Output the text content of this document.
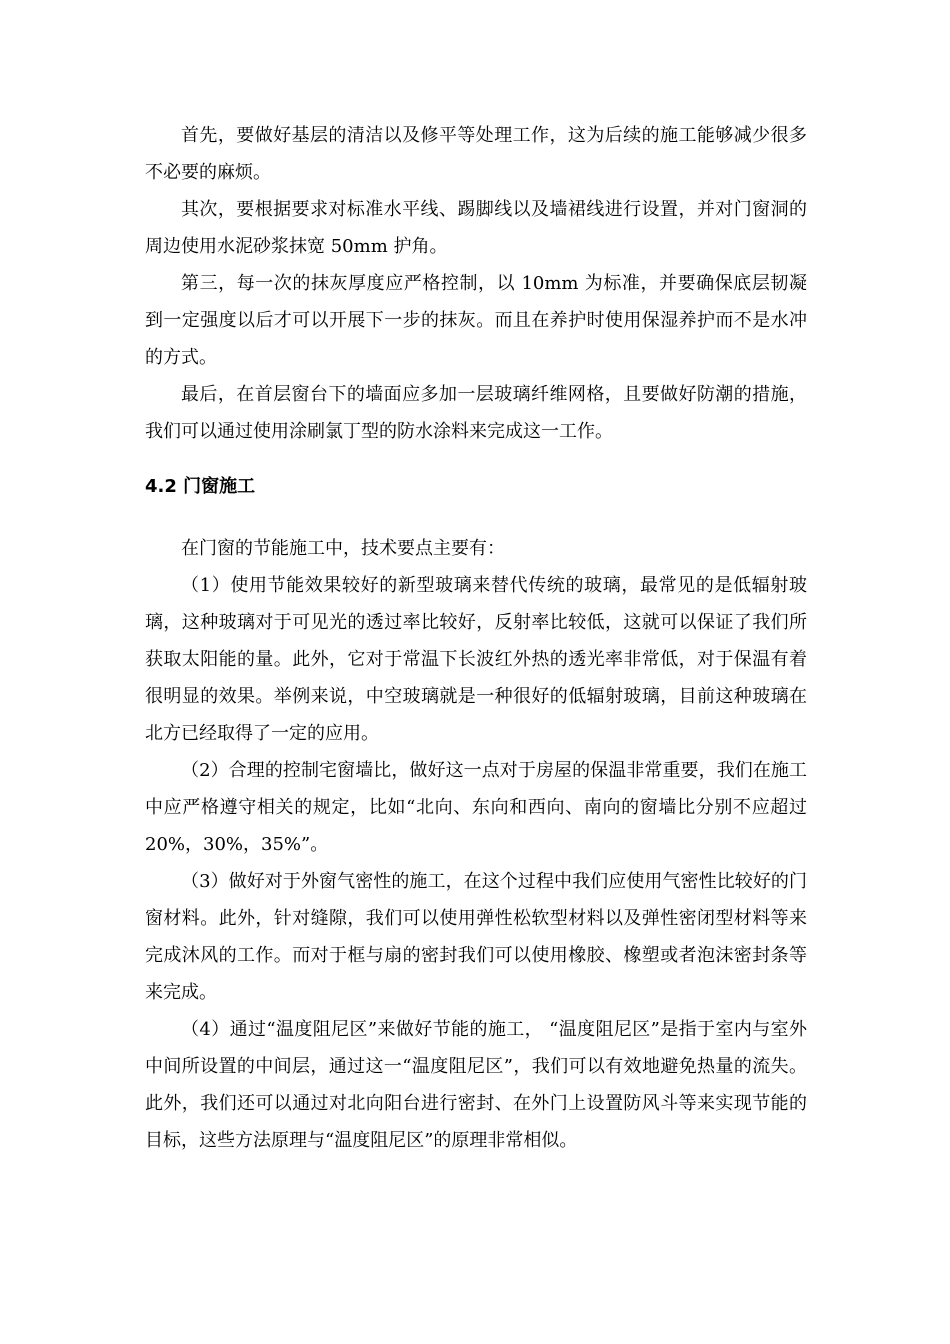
首先，要做好基层的清洁以及修平等处理工作，这为后续的施工能够减少很多不必要的麻烦。

其次，要根据要求对标准水平线、踢脚线以及墙裙线进行设置，并对门窗洞的周边使用水泥砂浆抹宽 50mm 护角。

第三，每一次的抹灰厚度应严格控制，以 10mm 为标准，并要确保底层韧凝到一定强度以后才可以开展下一步的抹灰。而且在养护时使用保湿养护而不是水冲的方式。

最后，在首层窗台下的墙面应多加一层玻璃纤维网格，且要做好防潮的措施，我们可以通过使用涂刷氯丁型的防水涂料来完成这一工作。

4.2 门窗施工

在门窗的节能施工中，技术要点主要有：

（1）使用节能效果较好的新型玻璃来替代传统的玻璃，最常见的是低辐射玻璃，这种玻璃对于可见光的透过率比较好，反射率比较低，这就可以保证了我们所获取太阳能的量。此外，它对于常温下长波红外热的透光率非常低，对于保温有着很明显的效果。举例来说，中空玻璃就是一种很好的低辐射玻璃，目前这种玻璃在北方已经取得了一定的应用。

（2）合理的控制宅窗墙比，做好这一点对于房屋的保温非常重要，我们在施工中应严格遵守相关的规定，比如“北向、东向和西向、南向的窗墙比分别不应超过 20%，30%，35%”。

（3）做好对于外窗气密性的施工，在这个过程中我们应使用气密性比较好的门窗材料。此外，针对缝隙，我们可以使用弹性松软型材料以及弹性密闭型材料等来完成沐风的工作。而对于框与扇的密封我们可以使用橡胶、橡塑或者泡沫密封条等来完成。

（4）通过“温度阻尼区”来做好节能的施工， “温度阻尼区”是指于室内与室外中间所设置的中间层，通过这一“温度阻尼区”，我们可以有效地避免热量的流失。此外，我们还可以通过对北向阳台进行密封、在外门上设置防风斗等来实现节能的目标，这些方法原理与“温度阻尼区”的原理非常相似。
